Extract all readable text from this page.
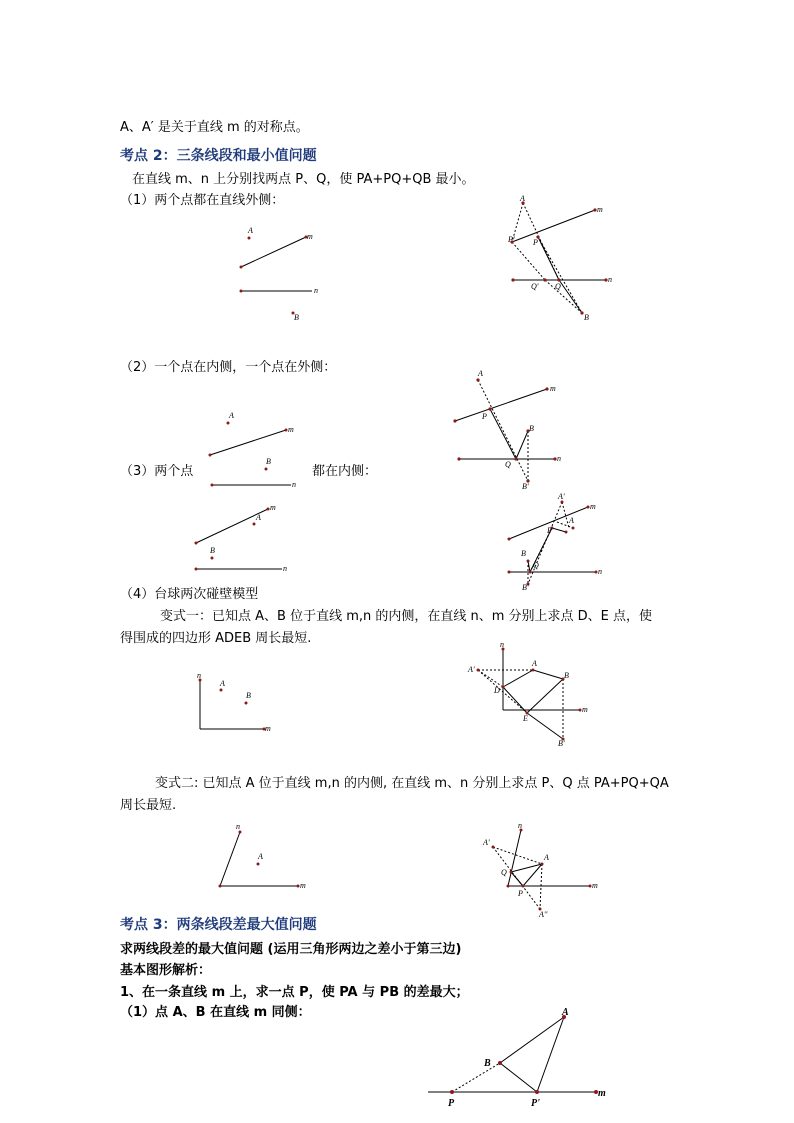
A、A′ 是关于直线 m 的对称点。
考点 2：三条线段和最小值问题
在直线 m、n 上分别找两点 P、Q，使 PA+PQ+QB 最小。
（1）两个点都在直线外侧：
（2）一个点在内侧，一个点在外侧：
（3）两个点	都在内侧：
（4）台球两次碰壁模型
变式一：已知点 A、B 位于直线 m,n 的内侧，在直线 n、m 分别上求点 D、E 点，使
得围成的四边形 ADEB 周长最短.
变式二: 已知点 A 位于直线 m,n 的内侧, 在直线 m、n 分别上求点 P、Q 点 PA+PQ+QA
周长最短.
考点 3：两条线段差最大值问题
求两线段差的最大值问题 (运用三角形两边之差小于第三边)
基本图形解析：
1、在一条直线 m 上，求一点 P，使 PA 与 PB 的差最大；
（1）点 A、B 在直线 m 同侧：
A
m
n
B
A
m
P' P
n
Q' Q
B
A
m
B
n
A
m
P
B
Q
n
B'
m
A
B
n
A'
m
A
P
B
Q
n
B'
n
A
B
m
n
A'
A
D
B
E
m
B'
n
A
m
n
A'
A
Q
P
m
A''
A
B
P	P'
m
